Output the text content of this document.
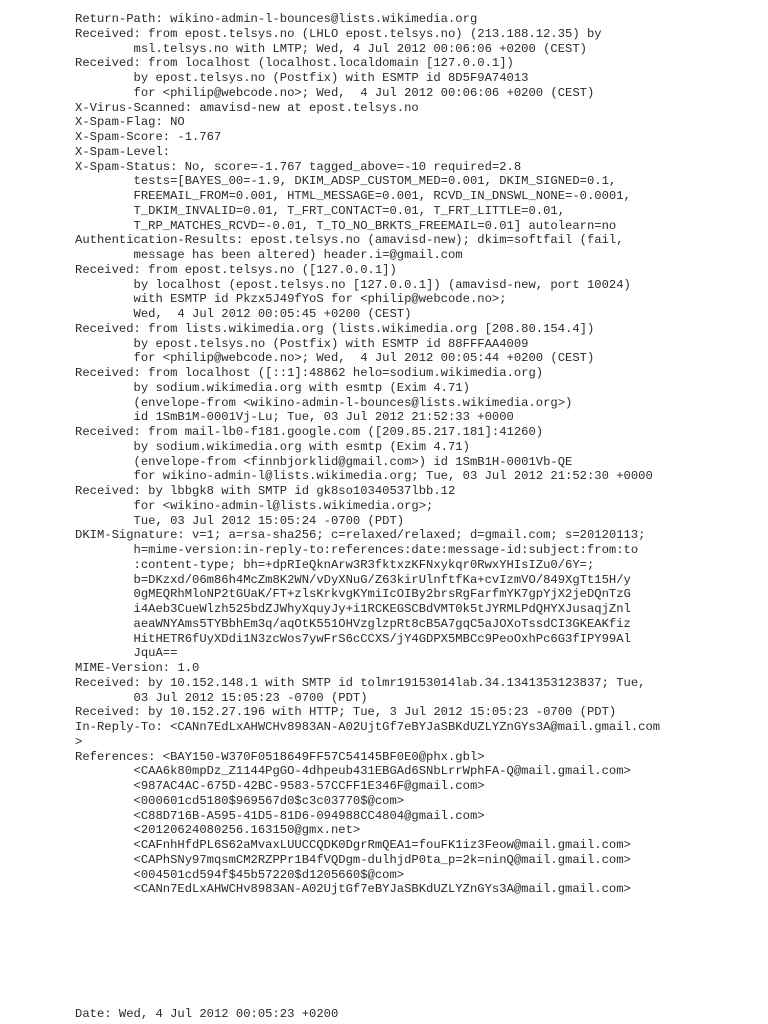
Return-Path: wikino-admin-l-bounces@lists.wikimedia.org
Received: from epost.telsys.no (LHLO epost.telsys.no) (213.188.12.35) by
msl.telsys.no with LMTP; Wed, 4 Jul 2012 00:06:06 +0200 (CEST)
Received: from localhost (localhost.localdomain [127.0.0.1])
by epost.telsys.no (Postfix) with ESMTP id 8D5F9A74013
for <philip@webcode.no>; Wed,  4 Jul 2012 00:06:06 +0200 (CEST)
X-Virus-Scanned: amavisd-new at epost.telsys.no
X-Spam-Flag: NO
X-Spam-Score: -1.767
X-Spam-Level:
X-Spam-Status: No, score=-1.767 tagged_above=-10 required=2.8
tests=[BAYES_00=-1.9, DKIM_ADSP_CUSTOM_MED=0.001, DKIM_SIGNED=0.1,
FREEMAIL_FROM=0.001, HTML_MESSAGE=0.001, RCVD_IN_DNSWL_NONE=-0.0001,
T_DKIM_INVALID=0.01, T_FRT_CONTACT=0.01, T_FRT_LITTLE=0.01,
T_RP_MATCHES_RCVD=-0.01, T_TO_NO_BRKTS_FREEMAIL=0.01] autolearn=no
Authentication-Results: epost.telsys.no (amavisd-new); dkim=softfail (fail,
message has been altered) header.i=@gmail.com
Received: from epost.telsys.no ([127.0.0.1])
by localhost (epost.telsys.no [127.0.0.1]) (amavisd-new, port 10024)
with ESMTP id Pkzx5J49fYoS for <philip@webcode.no>;
Wed,  4 Jul 2012 00:05:45 +0200 (CEST)
Received: from lists.wikimedia.org (lists.wikimedia.org [208.80.154.4])
by epost.telsys.no (Postfix) with ESMTP id 88FFFAA4009
for <philip@webcode.no>; Wed,  4 Jul 2012 00:05:44 +0200 (CEST)
Received: from localhost ([::1]:48862 helo=sodium.wikimedia.org)
by sodium.wikimedia.org with esmtp (Exim 4.71)
(envelope-from <wikino-admin-l-bounces@lists.wikimedia.org>)
id 1SmB1M-0001Vj-Lu; Tue, 03 Jul 2012 21:52:33 +0000
Received: from mail-lb0-f181.google.com ([209.85.217.181]:41260)
by sodium.wikimedia.org with esmtp (Exim 4.71)
(envelope-from <finnbjorklid@gmail.com>) id 1SmB1H-0001Vb-QE
for wikino-admin-l@lists.wikimedia.org; Tue, 03 Jul 2012 21:52:30 +0000
Received: by lbbgk8 with SMTP id gk8so10340537lbb.12
for <wikino-admin-l@lists.wikimedia.org>;
Tue, 03 Jul 2012 15:05:24 -0700 (PDT)
DKIM-Signature: v=1; a=rsa-sha256; c=relaxed/relaxed; d=gmail.com; s=20120113;
h=mime-version:in-reply-to:references:date:message-id:subject:from:to
:content-type; bh=+dpRIeQknArw3R3fktxzKFNxykqr0RwxYHIsIZu0/6Y=;
b=DKzxd/06m86h4McZm8K2WN/vDyXNuG/Z63kirUlnftfKa+cvIzmVO/849XgTt15H/y
0gMEQRhMloNP2tGUaK/FT+zlsKrkvgKYmiIcOIBy2brsRgFarfmYK7gpYjX2jeDQnTzG
i4Aeb3CueWlzh525bdZJWhyXquyJy+i1RCKEGSCBdVMT0k5tJYRMLPdQHYXJusaqjZnl
aeaWNYAms5TYBbhEm3q/aqOtK551OHVzglzpRt8cB5A7gqC5aJOXoTssdCI3GKEAKfiz
HitHETR6fUyXDdi1N3zcWos7ywFrS6cCCXS/jY4GDPX5MBCc9PeoOxhPc6G3fIPY99Al
JquA==
MIME-Version: 1.0
Received: by 10.152.148.1 with SMTP id tolmr19153014lab.34.1341353123837; Tue,
03 Jul 2012 15:05:23 -0700 (PDT)
Received: by 10.152.27.196 with HTTP; Tue, 3 Jul 2012 15:05:23 -0700 (PDT)
In-Reply-To: <CANn7EdLxAHWCHv8983AN-A02UjtGf7eBYJaSBKdUZLYZnGYs3A@mail.gmail.com
>
References: <BAY150-W370F0518649FF57C54145BF0E0@phx.gbl>
<CAA6k80mpDz_Z1144PgGO-4dhpeub431EBGAd6SNbLrrWphFA-Q@mail.gmail.com>
<987AC4AC-675D-42BC-9583-57CCFF1E346F@gmail.com>
<000601cd5180$969567d0$c3c03770$@com>
<C88D716B-A595-41D5-81D6-094988CC4804@gmail.com>
<20120624080256.163150@gmx.net>
<CAFnhHfdPL6S62aMvaxLUUCCQDK0DgrRmQEA1=fouFK1iz3Feow@mail.gmail.com>
<CAPhSNy97mqsmCM2RZPPr1B4fVQDgm-dulhjdP0ta_p=2k=ninQ@mail.gmail.com>
<004501cd594f$45b57220$d1205660$@com>
<CANn7EdLxAHWCHv8983AN-A02UjtGf7eBYJaSBKdUZLYZnGYs3A@mail.gmail.com>
Date: Wed, 4 Jul 2012 00:05:23 +0200
